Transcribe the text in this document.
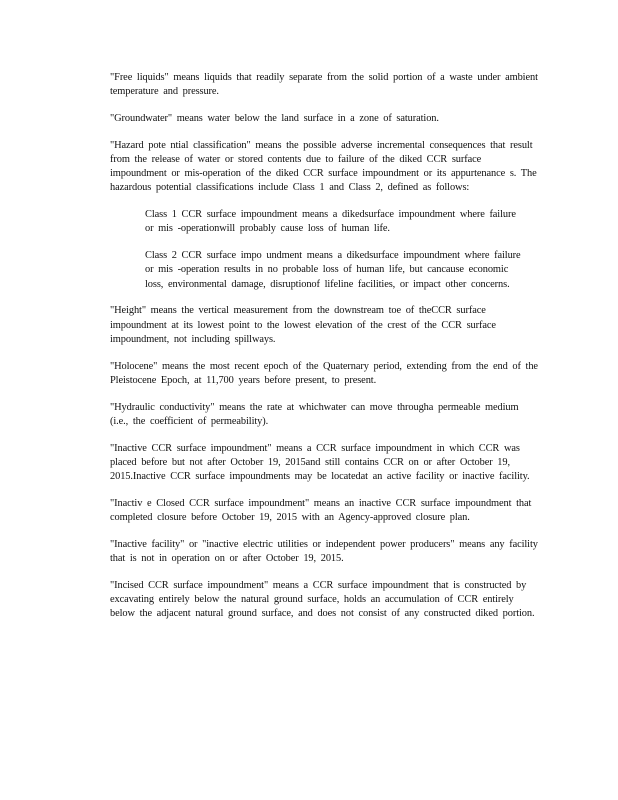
"Free liquids" means liquids that readily separate from the solid portion of a waste under ambient temperature and pressure.

"Groundwater" means water below the land surface in a zone of saturation.

"Hazard pote ntial classification" means the possible adverse incremental consequences that result from the release of water or stored contents due to failure of the diked CCR surface impoundment or mis-operation of the diked CCR surface impoundment or its appurtenance s. The hazardous potential classifications include Class 1 and Class 2, defined as follows:

Class 1 CCR surface impoundment means a dikedsurface impoundment where failure or mis -operationwill probably cause loss of human life.

Class 2 CCR surface impo undment means a dikedsurface impoundment where failure or mis -operation results in no probable loss of human life, but cancause economic loss, environmental damage, disruptionof lifeline facilities, or impact other concerns.

"Height" means the vertical measurement from the downstream toe of theCCR surface impoundment at its lowest point to the lowest elevation of the crest of the CCR surface impoundment, not including spillways.

"Holocene" means the most recent epoch of the Quaternary period, extending from the end of the Pleistocene Epoch, at 11,700 years before present, to present.

"Hydraulic conductivity" means the rate at whichwater can move througha permeable medium (i.e., the coefficient of permeability).

"Inactive CCR surface impoundment" means a CCR surface impoundment in which CCR was placed before but not after October 19, 2015and still contains CCR on or after October 19, 2015.Inactive CCR surface impoundments may be locatedat an active facility or inactive facility.

"Inactiv e Closed CCR surface impoundment" means an inactive CCR surface impoundment that completed closure before October 19, 2015 with an Agency-approved closure plan.

"Inactive facility" or "inactive electric utilities or independent power producers" means any facility that is not in operation on or after October 19, 2015.

"Incised CCR surface impoundment" means a CCR surface impoundment that is constructed by excavating entirely below the natural ground surface, holds an accumulation of CCR entirely below the adjacent natural ground surface, and does not consist of any constructed diked portion.
